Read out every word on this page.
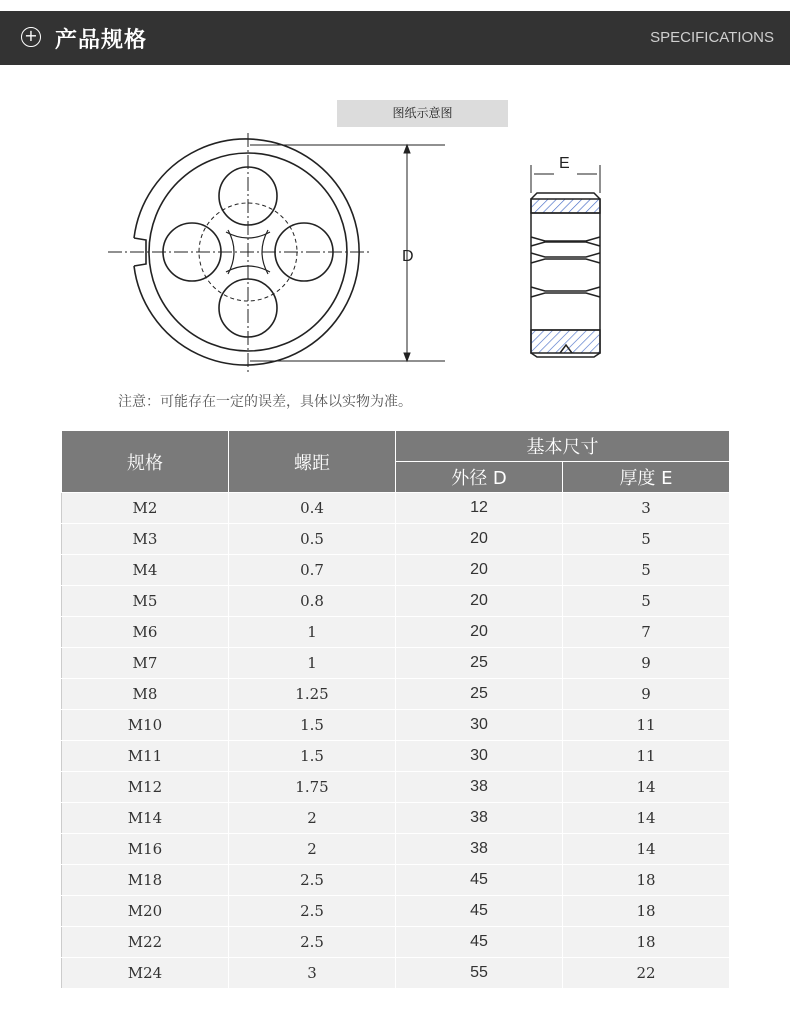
+ 产品规格	SPECIFICATIONS
图纸示意图
D
E
注意：可能存在一定的误差，具体以实物为准。
规格	螺距	基本尺寸	
		外径 D	厚度 E
M2	0.4	12	3
M3	0.5	20	5
M4	0.7	20	5
M5	0.8	20	5
M6	1	20	7
M7	1	25	9
M8	1.25	25	9
M10	1.5	30	11
M11	1.5	30	11
M12	1.75	38	14
M14	2	38	14
M16	2	38	14
M18	2.5	45	18
M20	2.5	45	18
M22	2.5	45	18
M24	3	55	22
